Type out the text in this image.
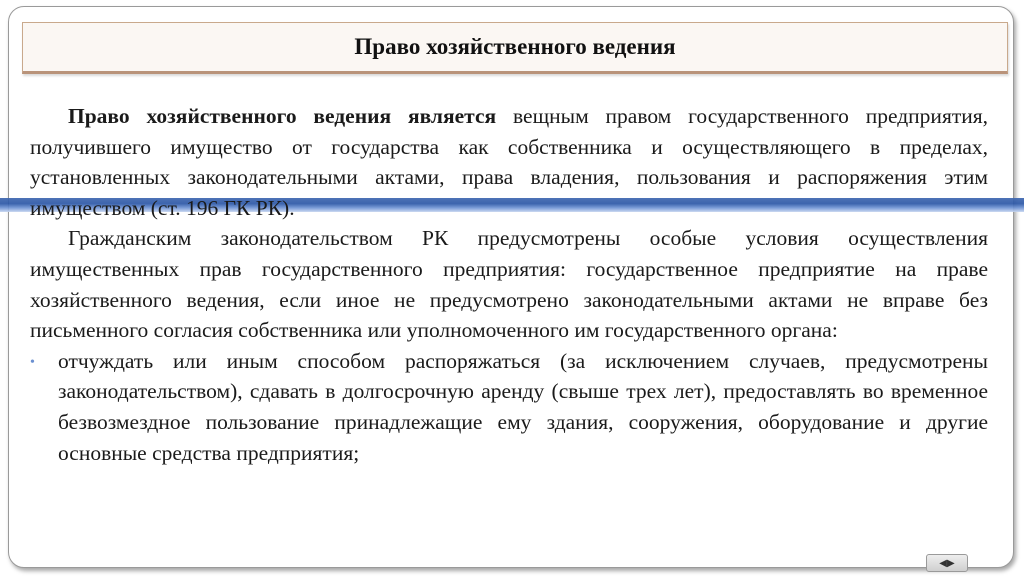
Право хозяйственного ведения

Право хозяйственного ведения является вещным правом государственного предприятия, получившего имущество от государства как собственника и осуществляющего в пределах, установленных законодательными актами, права владения, пользования и распоряжения этим имуществом (ст. 196 ГК РК).

Гражданским законодательством РК предусмотрены особые условия осуществления имущественных прав государственного предприятия: государственное предприятие на праве хозяйственного ведения, если иное не предусмотрено законодательными актами не вправе без письменного согласия собственника или уполномоченного им государственного органа:

•	отчуждать или иным способом распоряжаться (за исключением случаев, предусмотрены законодательством), сдавать в долгосрочную аренду (свыше трех лет), предоставлять во временное безвозмездное пользование принадлежащие ему здания, сооружения, оборудование и другие основные средства предприятия;

◀▶
